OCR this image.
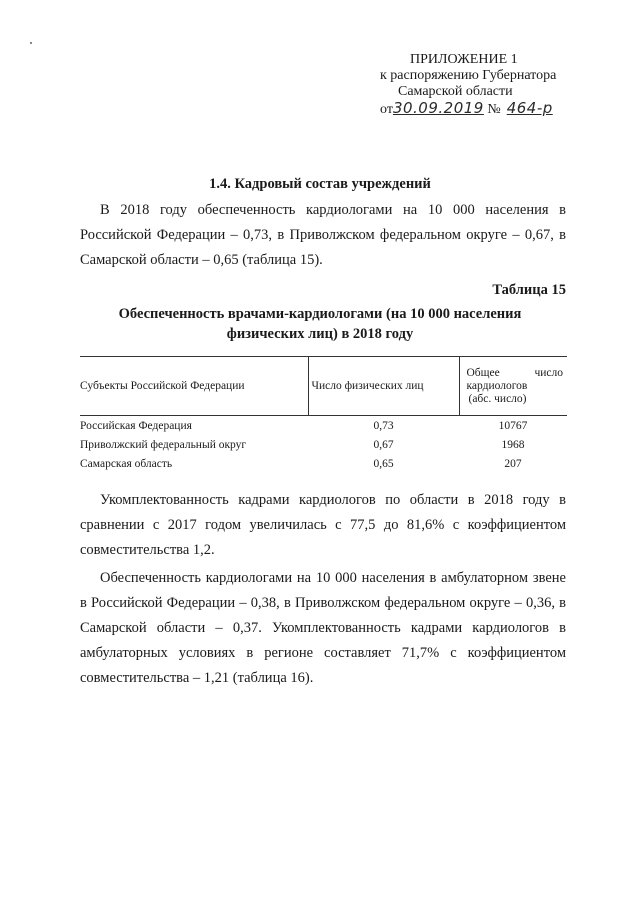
ПРИЛОЖЕНИЕ 1
к распоряжению Губернатора
Самарской области
от30.09.2019 № 464-р
1.4. Кадровый состав учреждений
В 2018 году обеспеченность кардиологами на 10 000 населения в Российской Федерации – 0,73, в Приволжском федеральном округе – 0,67, в Самарской области – 0,65 (таблица 15).
Таблица 15
Обеспеченность врачами-кардиологами (на 10 000 населения
физических лиц) в 2018 году
Субъекты Российской Федерации	Число физических лиц	Общее число
кардиологов
(абс. число)

Российская Федерация	0,73	10767
Приволжский федеральный округ	0,67	1968
Самарская область	0,65	207
Укомплектованность кадрами кардиологов по области в 2018 году в сравнении с 2017 годом увеличилась с 77,5 до 81,6% с коэффициентом совместительства 1,2.
Обеспеченность кардиологами на 10 000 населения в амбулаторном звене в Российской Федерации – 0,38, в Приволжском федеральном округе – 0,36, в Самарской области – 0,37. Укомплектованность кадрами кардиологов в амбулаторных условиях в регионе составляет 71,7% с коэффициентом совместительства – 1,21 (таблица 16).
